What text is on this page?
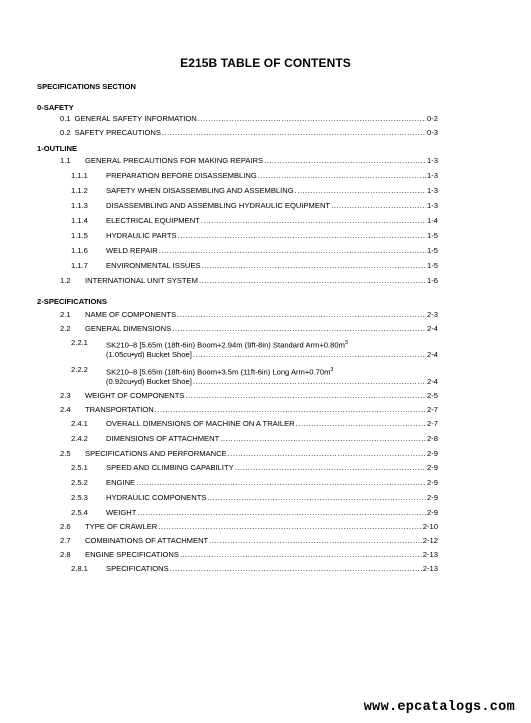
E215B TABLE OF CONTENTS
SPECIFICATIONS SECTION
0-SAFETY
0.1 GENERAL SAFETY INFORMATION .....	0-2
0.2 SAFETY PRECAUTIONS .....	0-3
1-OUTLINE
1.1	GENERAL PRECAUTIONS FOR MAKING REPAIRS .....	1-3
1.1.1	PREPARATION BEFORE DISASSEMBLING .....	1-3
1.1.2	SAFETY WHEN DISASSEMBLING AND ASSEMBLING .....	1-3
1.1.3	DISASSEMBLING AND ASSEMBLING HYDRAULIC EQUIPMENT .....	1-3
1.1.4	ELECTRICAL EQUIPMENT .....	1-4
1.1.5	HYDRAULIC PARTS .....	1-5
1.1.6	WELD REPAIR .....	1-5
1.1.7	ENVIRONMENTAL ISSUES .....	1-5
1.2	INTERNATIONAL UNIT SYSTEM .....	1-6
2-SPECIFICATIONS
2.1	NAME OF COMPONENTS .....	2-3
2.2	GENERAL DIMENSIONS .....	2-4
2.2.1 SK210–8 [5.65m (18ft-6in) Boom+2.94m (9ft-8in) Standard $Arm+0.80m^3$
(1.05cu•yd) Bucket Shoe] .....	2-4
2.2.2 SK210–8 [5.65m (18ft-6in) Boom+3.5m (11ft-6in) Long $Arm+0.70m^3$
(0.92cu•yd) Bucket Shoe] .....	2-4
2.3	WEIGHT OF COMPONENTS .....	2-5
2.4	TRANSPORTATION .....	2-7
2.4.1	OVERALL DIMENSIONS OF MACHINE ON A TRAILER .....	2-7
2.4.2	DIMENSIONS OF ATTACHMENT .....	2-8
2.5	SPECIFICATIONS AND PERFORMANCE .....	2-9
2.5.1	SPEED AND CLIMBING CAPABILITY .....	2-9
2.5.2	ENGINE .....	2-9
2.5.3	HYDRAULIC COMPONENTS .....	2-9
2.5.4	WEIGHT .....	2-9
2.6	TYPE OF CRAWLER .....	2-10
2.7	COMBINATIONS OF ATTACHMENT .....	2-12
2.8	ENGINE SPECIFICATIONS .....	2-13
2.8.1	SPECIFICATIONS .....	2-13
www.epcatalogs.com
